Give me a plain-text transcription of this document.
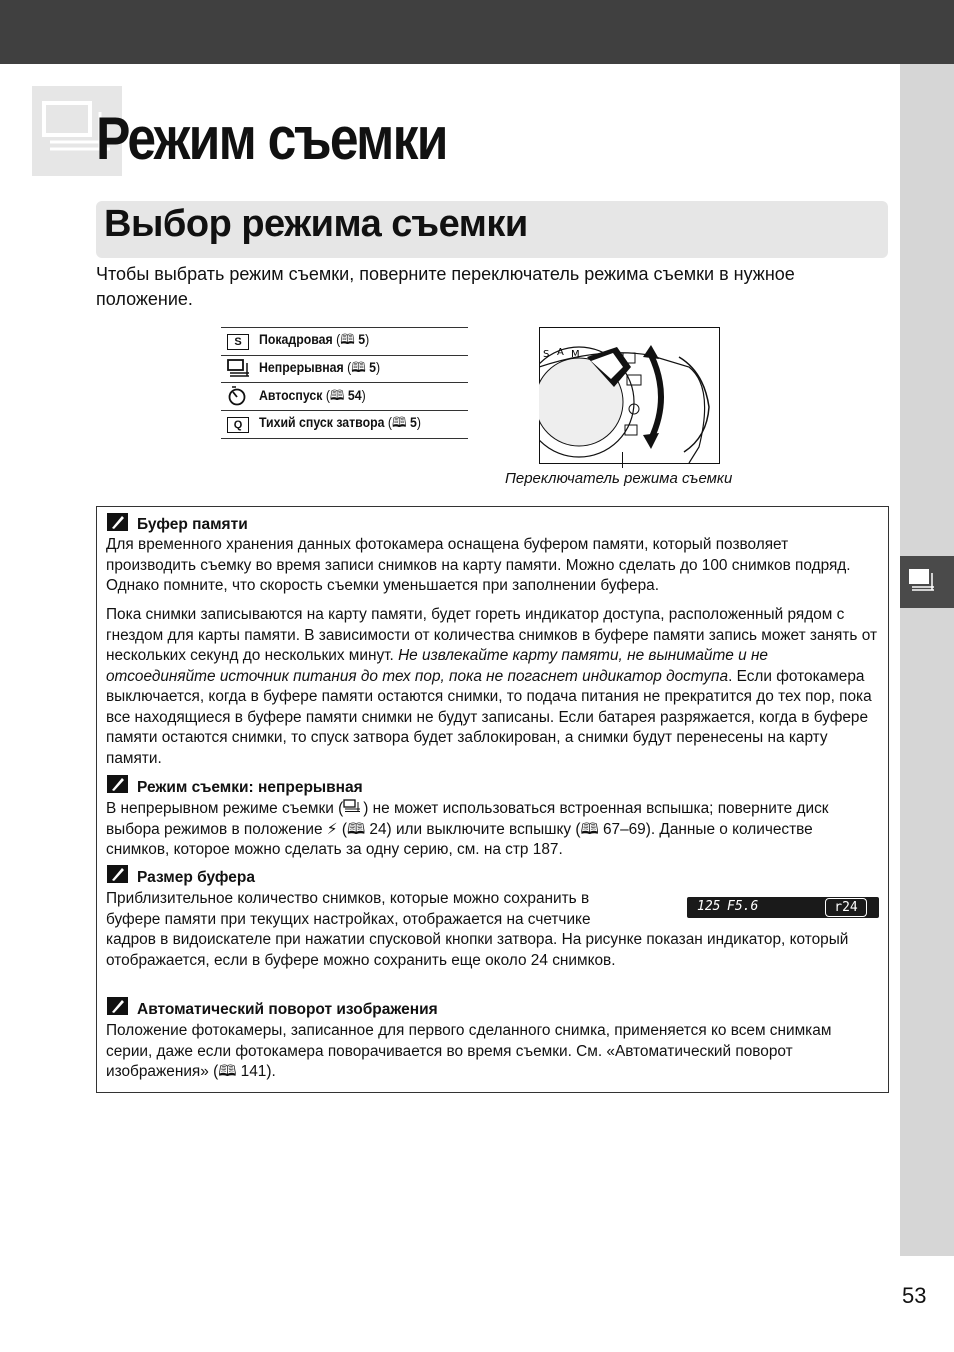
Режим съемки
Выбор режима съемки
Чтобы выбрать режим съемки, поверните переключатель режима съемки в нужное положение.
S	Покадровая (🕮 5)
	Непрерывная (🕮 5)
	Автоспуск (🕮 54)
Q	Тихий спуск затвора (🕮 5)
S A M
Переключатель режима съемки
Буфер памяти
Для временного хранения данных фотокамера оснащена буфером памяти, который позволяет производить съемку во время записи снимков на карту памяти. Можно сделать до 100 снимков подряд. Однако помните, что скорость съемки уменьшается при заполнении буфера.
Пока снимки записываются на карту памяти, будет гореть индикатор доступа, расположенный рядом с гнездом для карты памяти. В зависимости от количества снимков в буфере памяти запись может занять от нескольких секунд до нескольких минут. Не извлекайте карту памяти, не вынимайте и не отсоединяйте источник питания до тех пор, пока не погаснет индикатор доступа. Если фотокамера выключается, когда в буфере памяти остаются снимки, то подача питания не прекратится до тех пор, пока все находящиеся в буфере памяти снимки не будут записаны. Если батарея разряжается, когда в буфере памяти остаются снимки, то спуск затвора будет заблокирован, а снимки будут перенесены на карту памяти.
Режим съемки: непрерывная
В непрерывном режиме съемки ( ) не может использоваться встроенная вспышка; поверните диск выбора режимов в положение ⚡ (🕮 24) или выключите вспышку (🕮 67–69). Данные о количестве снимков, которое можно сделать за одну серию, см. на стр 187.
Размер буфера
125 F5.6	r24
Приблизительное количество снимков, которые можно сохранить в буфере памяти при текущих настройках, отображается на счетчике кадров в видоискателе при нажатии спусковой кнопки затвора. На рисунке показан индикатор, который отображается, если в буфере можно сохранить еще около 24 снимков.
Автоматический поворот изображения
Положение фотокамеры, записанное для первого сделанного снимка, применяется ко всем снимкам серии, даже если фотокамера поворачивается во время съемки. См. «Автоматический поворот изображения» (🕮 141).
53
